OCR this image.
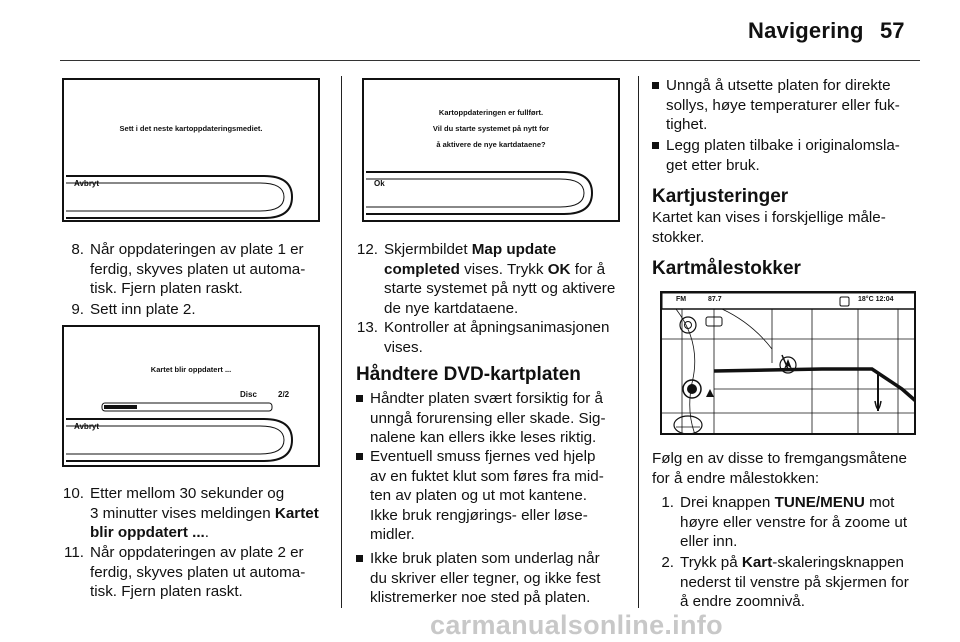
Navigering 57
Sett i det neste kartoppdateringsmediet.
Avbryt
8. Når oppdateringen av plate 1 er
ferdig, skyves platen ut automa-
tisk. Fjern platen raskt.
9. Sett inn plate 2.
Kartet blir oppdatert ...
Disc	2/2
Avbryt
10. Etter mellom 30 sekunder og
3 minutter vises meldingen Kartet
blir oppdatert ....
11. Når oppdateringen av plate 2 er
ferdig, skyves platen ut automa-
tisk. Fjern platen raskt.
Kartoppdateringen er fullført.
Vil du starte systemet på nytt for
å aktivere de nye kartdataene?
Ok
12. Skjermbildet Map update
completed vises. Trykk OK for å
starte systemet på nytt og aktivere
de nye kartdataene.
13. Kontroller at åpningsanimasjonen
vises.
Håndtere DVD-kartplaten
Håndter platen svært forsiktig for å
unngå forurensing eller skade. Sig-
nalene kan ellers ikke leses riktig.
Eventuell smuss fjernes ved hjelp
av en fuktet klut som føres fra mid-
ten av platen og ut mot kantene.
Ikke bruk rengjørings- eller løse-
midler.
Ikke bruk platen som underlag når
du skriver eller tegner, og ikke fest
klistremerker noe sted på platen.
Unngå å utsette platen for direkte
sollys, høye temperaturer eller fuk-
tighet.
Legg platen tilbake i originalomsla-
get etter bruk.
Kartjusteringer
Kartet kan vises i forskjellige måle-
stokker.
Kartmålestokker
FM	87.7	18°C 12:04
Følg en av disse to fremgangsmåtene
for å endre målestokken:
1. Drei knappen TUNE/MENU mot
høyre eller venstre for å zoome ut
eller inn.
2. Trykk på Kart-skaleringsknappen
nederst til venstre på skjermen for
å endre zoomnivå.
carmanualsonline.info
